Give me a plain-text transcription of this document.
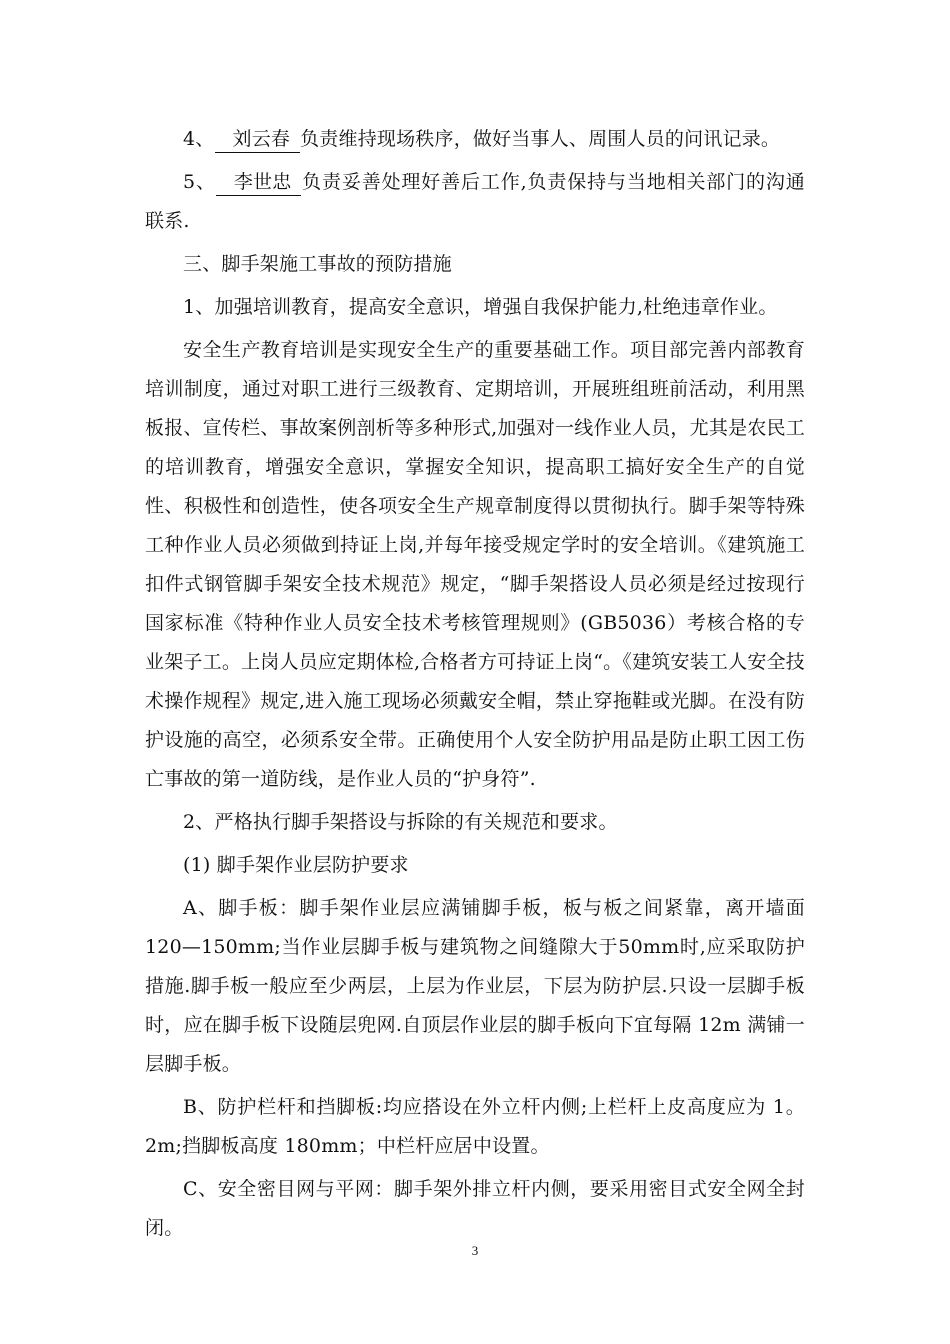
4、 刘云春 负责维持现场秩序，做好当事人、周围人员的问讯记录。

5、 李世忠 负责妥善处理好善后工作,负责保持与当地相关部门的沟通联系.

三、脚手架施工事故的预防措施

1、加强培训教育，提高安全意识，增强自我保护能力,杜绝违章作业。

安全生产教育培训是实现安全生产的重要基础工作。项目部完善内部教育培训制度，通过对职工进行三级教育、定期培训，开展班组班前活动，利用黑板报、宣传栏、事故案例剖析等多种形式,加强对一线作业人员，尤其是农民工的培训教育，增强安全意识，掌握安全知识，提高职工搞好安全生产的自觉性、积极性和创造性，使各项安全生产规章制度得以贯彻执行。脚手架等特殊工种作业人员必须做到持证上岗,并每年接受规定学时的安全培训。《建筑施工扣件式钢管脚手架安全技术规范》规定，“脚手架搭设人员必须是经过按现行国家标准《特种作业人员安全技术考核管理规则》(GB5036）考核合格的专业架子工。上岗人员应定期体检,合格者方可持证上岗“。《建筑安装工人安全技术操作规程》规定,进入施工现场必须戴安全帽，禁止穿拖鞋或光脚。在没有防护设施的高空，必须系安全带。正确使用个人安全防护用品是防止职工因工伤亡事故的第一道防线，是作业人员的“护身符”.

2、严格执行脚手架搭设与拆除的有关规范和要求。

(1) 脚手架作业层防护要求

A、脚手板：脚手架作业层应满铺脚手板，板与板之间紧靠，离开墙面120—150mm;当作业层脚手板与建筑物之间缝隙大于50mm时,应采取防护措施.脚手板一般应至少两层，上层为作业层，下层为防护层.只设一层脚手板时，应在脚手板下设随层兜网.自顶层作业层的脚手板向下宜每隔 12m 满铺一层脚手板。

B、防护栏杆和挡脚板:均应搭设在外立杆内侧;上栏杆上皮高度应为 1。2m;挡脚板高度 180mm；中栏杆应居中设置。

C、安全密目网与平网：脚手架外排立杆内侧，要采用密目式安全网全封闭。

3
